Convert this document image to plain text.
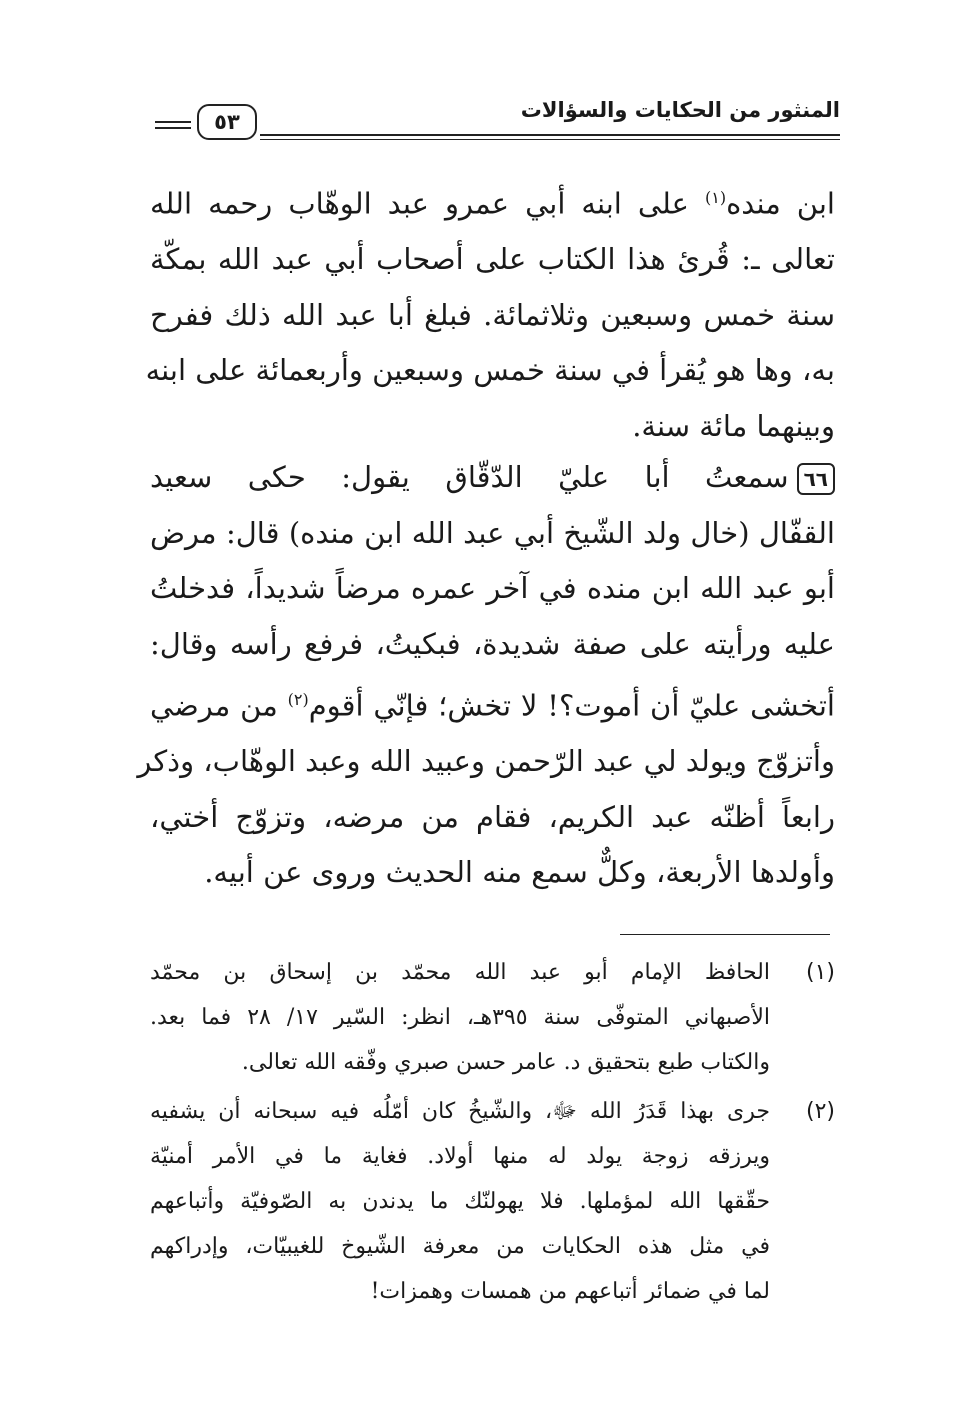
٥٣	المنثور من الحكايات والسؤالات
ابن منده$^{(١)}$ على ابنه أبي عمرو عبد الوهّاب رحمه الله
تعالى ـ: قُرئ هذا الكتاب على أصحاب أبي عبد الله بمكّة
سنة خمس وسبعين وثلاثمائة. فبلغ أبا عبد الله ذلك ففرح
به، وها هو يُقرأ في سنة خمس وسبعين وأربعمائة على ابنه
وبينهما مائة سنة.
٦٦سمعتُ أبا عليّ الدّقّاق يقول: حكى سعيد
القفّال (خال ولد الشّيخ أبي عبد الله ابن منده) قال: مرض
أبو عبد الله ابن منده في آخر عمره مرضاً شديداً، فدخلتُ
عليه ورأيته على صفة شديدة، فبكيتُ، فرفع رأسه وقال:
أتخشى عليّ أن أموت؟! لا تخش؛ فإنّي أقوم$^{(٢)}$ من مرضي
وأتزوّج ويولد لي عبد الرّحمن وعبيد الله وعبد الوهّاب، وذكر
رابعاً أظنّه عبد الكريم، فقام من مرضه، وتزوّج أختي،
وأولدها الأربعة، وكلٌّ سمع منه الحديث وروى عن أبيه.
(١)
الحافظ الإمام أبو عبد الله محمّد بن إسحاق بن محمّد
الأصبهاني المتوفّى سنة ٣٩٥هـ، انظر: السّير ١٧/ ٢٨ فما بعد.
والكتاب طبع بتحقيق د. عامر حسن صبري وفّقه الله تعالى.
(٢)
جرى بهذا قَدَرُ الله ﷻ، والشّيخُ كان أمّلُه فيه سبحانه أن يشفيه
ويرزقه زوجة يولد له منها أولاد. فغاية ما في الأمر أمنيّة
حقّقها الله لمؤملها. فلا يهولنّك ما يدندن به الصّوفيّة وأتباعهم
في مثل هذه الحكايات من معرفة الشّيوخ للغيبيّات، وإدراكهم
لما في ضمائر أتباعهم من همسات وهمزات!
